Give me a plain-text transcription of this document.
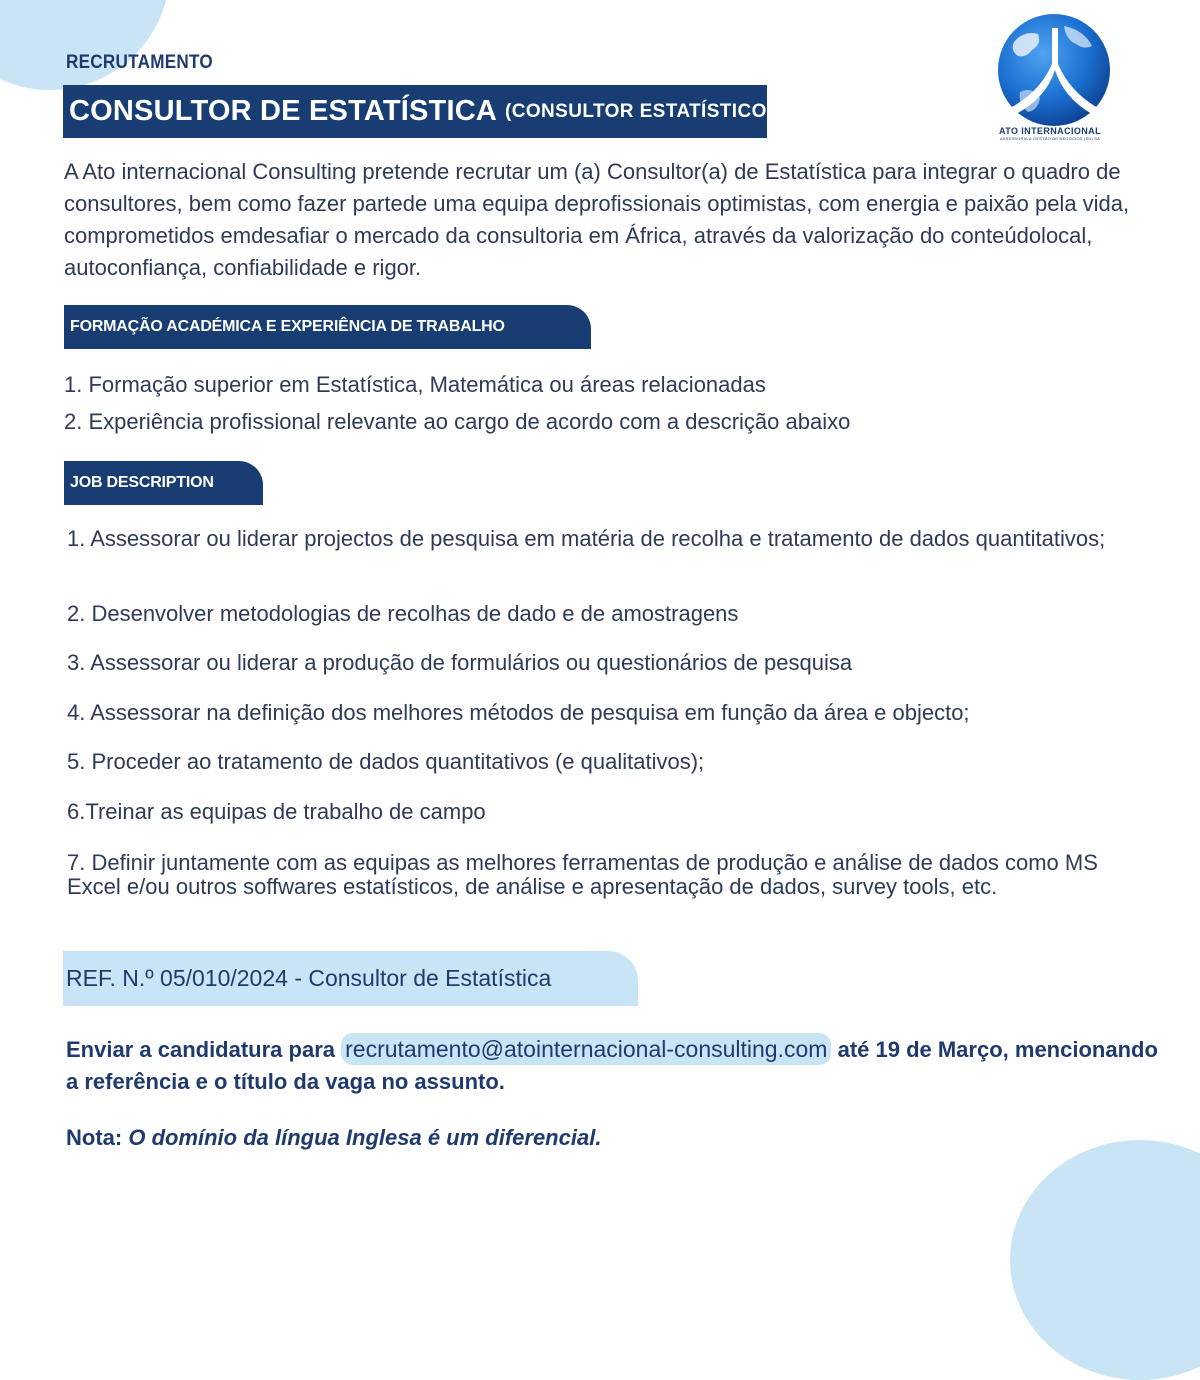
RECRUTAMENTO
CONSULTOR DE ESTATÍSTICA (CONSULTOR ESTATÍSTICO)
ATO INTERNACIONAL
ASSESSORIA & GESTÃO DE NEGÓCIOS (SU) SA
A Ato internacional Consulting pretende recrutar um (a) Consultor(a) de Estatística para integrar o quadro de consultores, bem como fazer partede uma equipa deprofissionais optimistas, com energia e paixão pela vida, comprometidos emdesafiar o mercado da consultoria em África, através da valorização do conteúdolocal, autoconfiança, confiabilidade e rigor.
FORMAÇÃO ACADÉMICA E EXPERIÊNCIA DE TRABALHO
1. Formação superior em Estatística, Matemática ou áreas relacionadas
2. Experiência profissional relevante ao cargo de acordo com a descrição abaixo
JOB DESCRIPTION
1. Assessorar ou liderar projectos de pesquisa em matéria de recolha e tratamento de dados quantitativos;
2. Desenvolver metodologias de recolhas de dado e de amostragens
3. Assessorar ou liderar a produção de formulários ou questionários de pesquisa
4. Assessorar na definição dos melhores métodos de pesquisa em função da área e objecto;
5. Proceder ao tratamento de dados quantitativos (e qualitativos);
6.Treinar as equipas de trabalho de campo
7. Definir juntamente com as equipas as melhores ferramentas de produção e análise de dados como MS Excel e/ou outros soffwares estatísticos, de análise e apresentação de dados, survey tools, etc.
REF. N.º 05/010/2024 - Consultor de Estatística
Enviar a candidatura para recrutamento@atointernacional-consulting.com até 19 de Março, mencionando a referência e o título da vaga no assunto.
Nota: O domínio da língua Inglesa é um diferencial.
